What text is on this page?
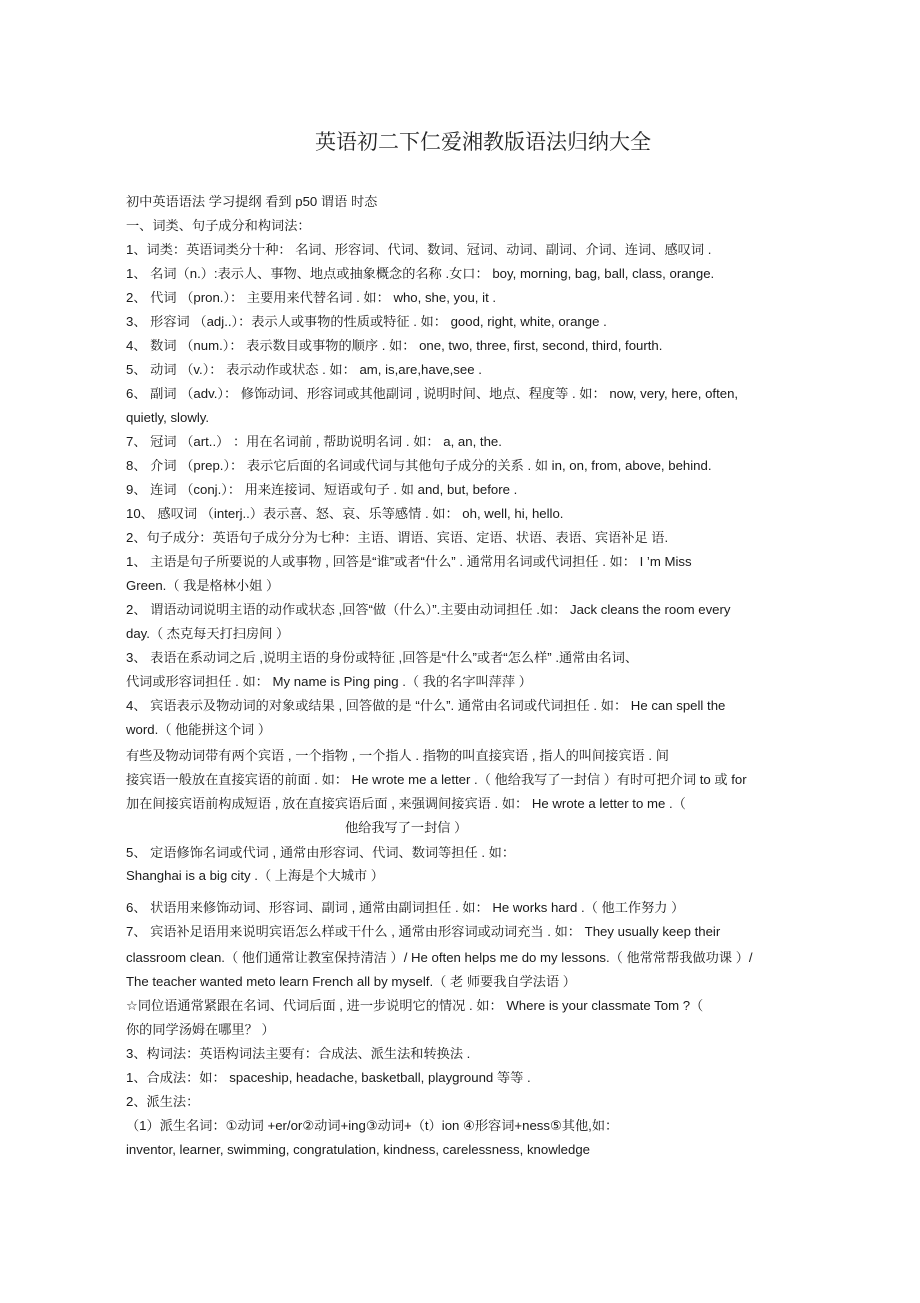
英语初二下仁爱湘教版语法归纳大全
初中英语语法 学习提纲 看到 p50 谓语 时态
一、词类、句子成分和构词法：
1、词类：英语词类分十种： 名词、形容词、代词、数词、冠词、动词、副词、介词、连词、感叹词 .
1、 名词（n.）:表示人、事物、地点或抽象概念的名称 .女口： boy, morning, bag, ball, class, orange.
2、 代词 （pron.）： 主要用来代替名词 . 如： who, she, you, it .
3、 形容词 （adj..）：表示人或事物的性质或特征 . 如： good, right, white, orange .
4、 数词 （num.）： 表示数目或事物的顺序 . 如： one, two, three, first, second, third, fourth.
5、 动词 （v.）： 表示动作或状态 . 如： am, is,are,have,see .
6、 副词 （adv.）： 修饰动词、形容词或其他副词 , 说明时间、地点、程度等 . 如： now, very, here, often,
quietly, slowly.
7、 冠词 （art..） ：用在名词前 , 帮助说明名词 . 如： a, an, the.
8、 介词 （prep.）： 表示它后面的名词或代词与其他句子成分的关系 . 如 in, on, from, above, behind.
9、 连词 （conj.）： 用来连接词、短语或句子 . 如 and, but, before .
10、 感叹词 （interj..）表示喜、怒、哀、乐等感情 . 如： oh, well, hi, hello.
2、句子成分：英语句子成分分为七种：主语、谓语、宾语、定语、状语、表语、宾语补足 语.
1、 主语是句子所要说的人或事物 , 回答是“谁”或者“什么” . 通常用名词或代词担任 . 如： I ’m Miss
Green.（ 我是格林小姐 ）
2、 谓语动词说明主语的动作或状态 ,回答“做（什么）”.主要由动词担任 .如： Jack cleans the room every
day.（ 杰克每天打扫房间 ）
3、 表语在系动词之后 ,说明主语的身份或特征 ,回答是“什么”或者“怎么样” .通常由名词、
代词或形容词担任 . 如： My name is Ping ping .（ 我的名字叫萍萍 ）
4、 宾语表示及物动词的对象或结果 , 回答做的是 “什么”. 通常由名词或代词担任 . 如： He can spell the
word.（ 他能拼这个词 ）
有些及物动词带有两个宾语 , 一个指物 , 一个指人 . 指物的叫直接宾语 , 指人的叫间接宾语 . 间
接宾语一般放在直接宾语的前面 . 如： He wrote me a letter .（ 他给我写了一封信 ）有时可把介词 to 或 for
加在间接宾语前构成短语 , 放在直接宾语后面 , 来强调间接宾语 . 如： He wrote a letter to me .（
他给我写了一封信 ）
5、 定语修饰名词或代词 , 通常由形容词、代词、数词等担任 . 如：
Shanghai is a big city .（ 上海是个大城市 ）
6、 状语用来修饰动词、形容词、副词 , 通常由副词担任 . 如： He works hard .（ 他工作努力 ）
7、 宾语补足语用来说明宾语怎么样或干什么 , 通常由形容词或动词充当 . 如： They usually keep their
classroom clean.（ 他们通常让教室保持清洁 ）/ He often helps me do my lessons.（ 他常常帮我做功课 ）/
The teacher wanted meto learn French all by myself.（ 老 师要我自学法语 ）
☆同位语通常紧跟在名词、代词后面 , 进一步说明它的情况 . 如： Where is your classmate Tom ?（
你的同学汤姆在哪里？ ）
3、构词法：英语构词法主要有：合成法、派生法和转换法 .
1、合成法：如： spaceship, headache, basketball, playground 等等 .
2、派生法：
（1）派生名词：①动词 +er/or②动词+ing③动词+（t）ion ④形容词+ness⑤其他,如：
inventor, learner, swimming, congratulation, kindness, carelessness, knowledge
